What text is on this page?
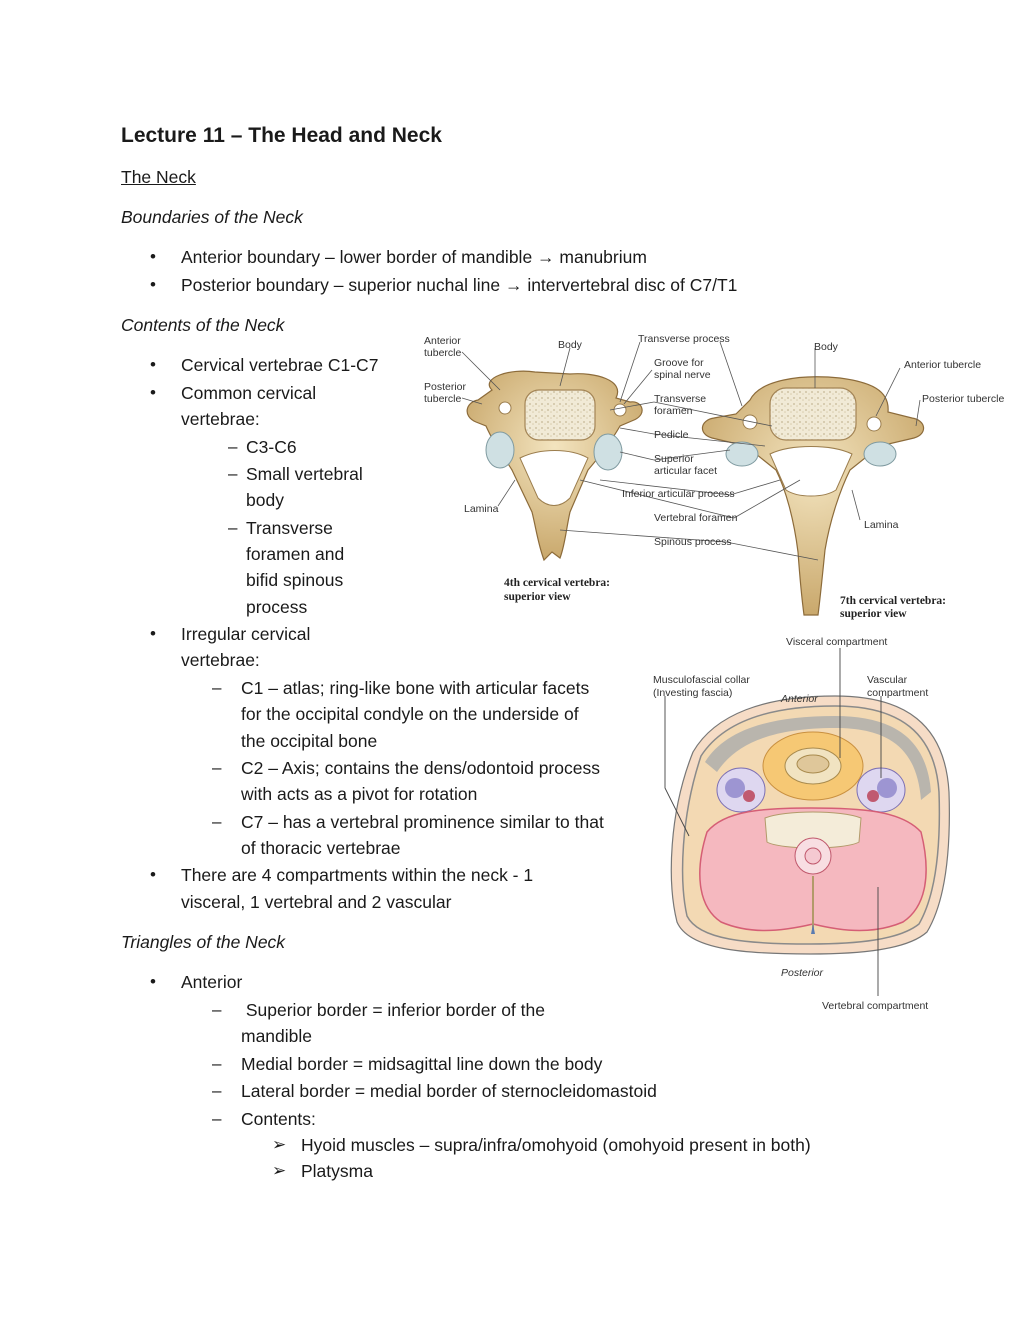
Lecture 11 – The Head and Neck
The Neck
Boundaries of the Neck
• Anterior boundary – lower border of mandible → manubrium
• Posterior boundary – superior nuchal line → intervertebral disc of C7/T1
Contents of the Neck
• Cervical vertebrae C1-C7
• Common cervical
vertebrae:
– C3-C6
– Small vertebral
body
– Transverse
foramen and
bifid spinous
process
• Irregular cervical
vertebrae:
– C1 – atlas; ring-like bone with articular facets
for the occipital condyle on the underside of
the occipital bone
– C2 – Axis; contains the dens/odontoid process
with acts as a pivot for rotation
– C7 – has a vertebral prominence similar to that
of thoracic vertebrae
• There are 4 compartments within the neck - 1
visceral, 1 vertebral and 2 vascular
Triangles of the Neck
• Anterior
– Superior border = inferior border of the
mandible
– Medial border = midsagittal line down the body
– Lateral border = medial border of sternocleidomastoid
– Contents:
➢ Hyoid muscles – supra/infra/omohyoid (omohyoid present in both)
➢ Platysma
Anterior
tubercle
Posterior
tubercle
Body	Transverse process
Groove for
spinal nerve
Transverse
foramen
Pedicle
Superior
articular facet
Inferior articular process
Vertebral foramen
Spinous process
Lamina
Body
Anterior tubercle
Posterior tubercle
Lamina
4th cervical vertebra:
superior view	7th cervical vertebra:
superior view
Visceral compartment
Musculofascial collar
(Investing fascia)	Anterior
Vascular
compartment
Posterior
Vertebral compartment
